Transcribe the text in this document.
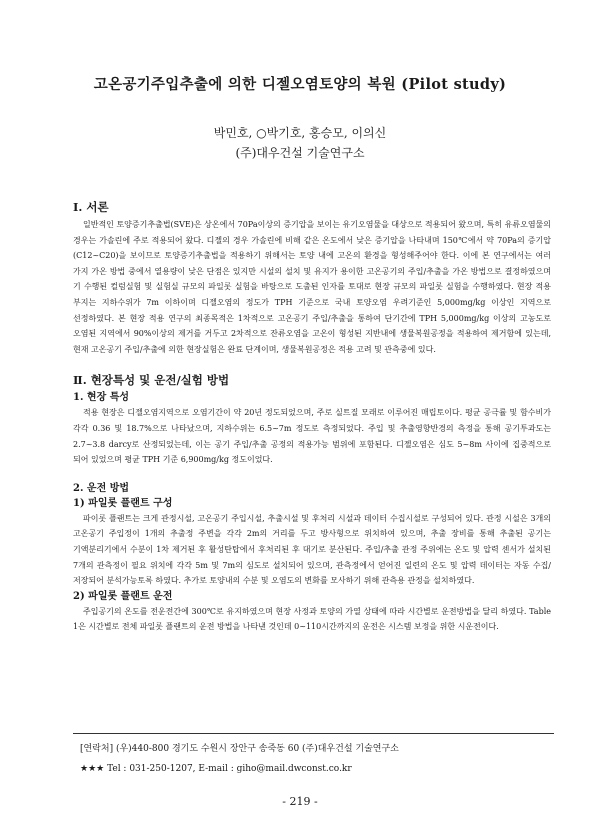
고온공기주입추출에 의한 디젤오염토양의 복원 (Pilot study)
박민호, ○박기호, 홍승모, 이의신
(주)대우건설 기술연구소
Ⅰ. 서론

일반적인 토양증기추출법(SVE)은 상온에서 70Pa이상의 증기압을 보이는 유기오염물을 대상으로 적용되어 왔으며, 특히 유류오염물의 경우는 가솔린에 주로 적용되어 왔다. 디젤의 경우 가솔린에 비해 같은 온도에서 낮은 증기압을 나타내며 150℃에서 약 70Pa의 증기압(C12~C20)을 보이므로 토양증기추출법을 적용하기 위해서는 토양 내에 고온의 환경을 형성해주어야 한다. 이에 본 연구에서는 여러 가지 가온 방법 중에서 열용량이 낮은 단점은 있지만 시설의 설치 및 유지가 용이한 고온공기의 주입/추출을 가온 방법으로 결정하였으며 기 수행된 컬럼실험 및 실험실 규모의 파일롯 실험을 바탕으로 도출된 인자를 토대로 현장 규모의 파일롯 실험을 수행하였다. 현장 적용 부지는 지하수위가 7m 이하이며 디젤오염의 정도가 TPH 기준으로 국내 토양오염 우려기준인 5,000mg/kg 이상인 지역으로 선정하였다. 본 현장 적용 연구의 최종목적은 1차적으로 고온공기 주입/추출을 통하여 단기간에 TPH 5,000mg/kg 이상의 고농도로 오염된 지역에서 90%이상의 제거를 거두고 2차적으로 잔류오염을 고온이 형성된 지반내에 생물복원공정을 적용하여 제거함에 있는데, 현재 고온공기 주입/추출에 의한 현장실험은 완료 단계이며, 생물복원공정은 적용 고려 및 관측중에 있다.

Ⅱ. 현장특성 및 운전/실험 방법
1. 현장 특성

적용 현장은 디젤오염지역으로 오염기간이 약 20년 정도되었으며, 주로 실트질 모래로 이루어진 매립토이다. 평균 공극률 및 함수비가 각각 0.36 및 18.7%으로 나타났으며, 지하수위는 6.5~7m 정도로 측정되었다. 주입 및 추출영향반경의 측정을 통해 공기투과도는 2.7~3.8 darcy로 산정되었는데, 이는 공기 주입/추출 공정의 적용가능 범위에 포함된다. 디젤오염은 심도 5~8m 사이에 집중적으로 되어 있었으며 평균 TPH 기준 6,900mg/kg 정도이었다.

2. 운전 방법
1) 파일롯 플랜트 구성

파이롯 플랜트는 크게 관정시설, 고온공기 주입시설, 추출시설 및 후처리 시설과 데이터 수집시설로 구성되어 있다. 관정 시설은 3개의 고온공기 주입정이 1개의 추출정 주변을 각각 2m의 거리를 두고 방사형으로 위치하여 있으며, 추출 장비를 통해 추출된 공기는 기액분리기에서 수분이 1차 제거된 후 활성탄탑에서 후처리된 후 대기로 분산된다. 주입/추출 관정 주위에는 온도 및 압력 센서가 설치된 7개의 관측정이 필요 위치에 각각 5m 및 7m의 심도로 설치되어 있으며, 관측정에서 얻어진 일련의 온도 및 압력 데이터는 자동 수집/저장되어 분석가능토록 하였다. 추가로 토양내의 수분 및 오염도의 변화를 모사하기 위해 관측용 관정을 설치하였다.

2) 파일롯 플랜트 운전

주입공기의 온도를 전운전간에 300℃로 유지하였으며 현장 사정과 토양의 가열 상태에 따라 시간별로 운전방법을 달리 하였다. Table 1은 시간별로 전체 파일롯 플랜트의 운전 방법을 나타낸 것인데 0~110시간까지의 운전은 시스템 보정을 위한 시운전이다.

[연락처] (우)440-800 경기도 수원시 장안구 송죽동 60 (주)대우건설 기술연구소
★★★ Tel : 031-250-1207, E-mail : giho@mail.dwconst.co.kr
- 219 -
